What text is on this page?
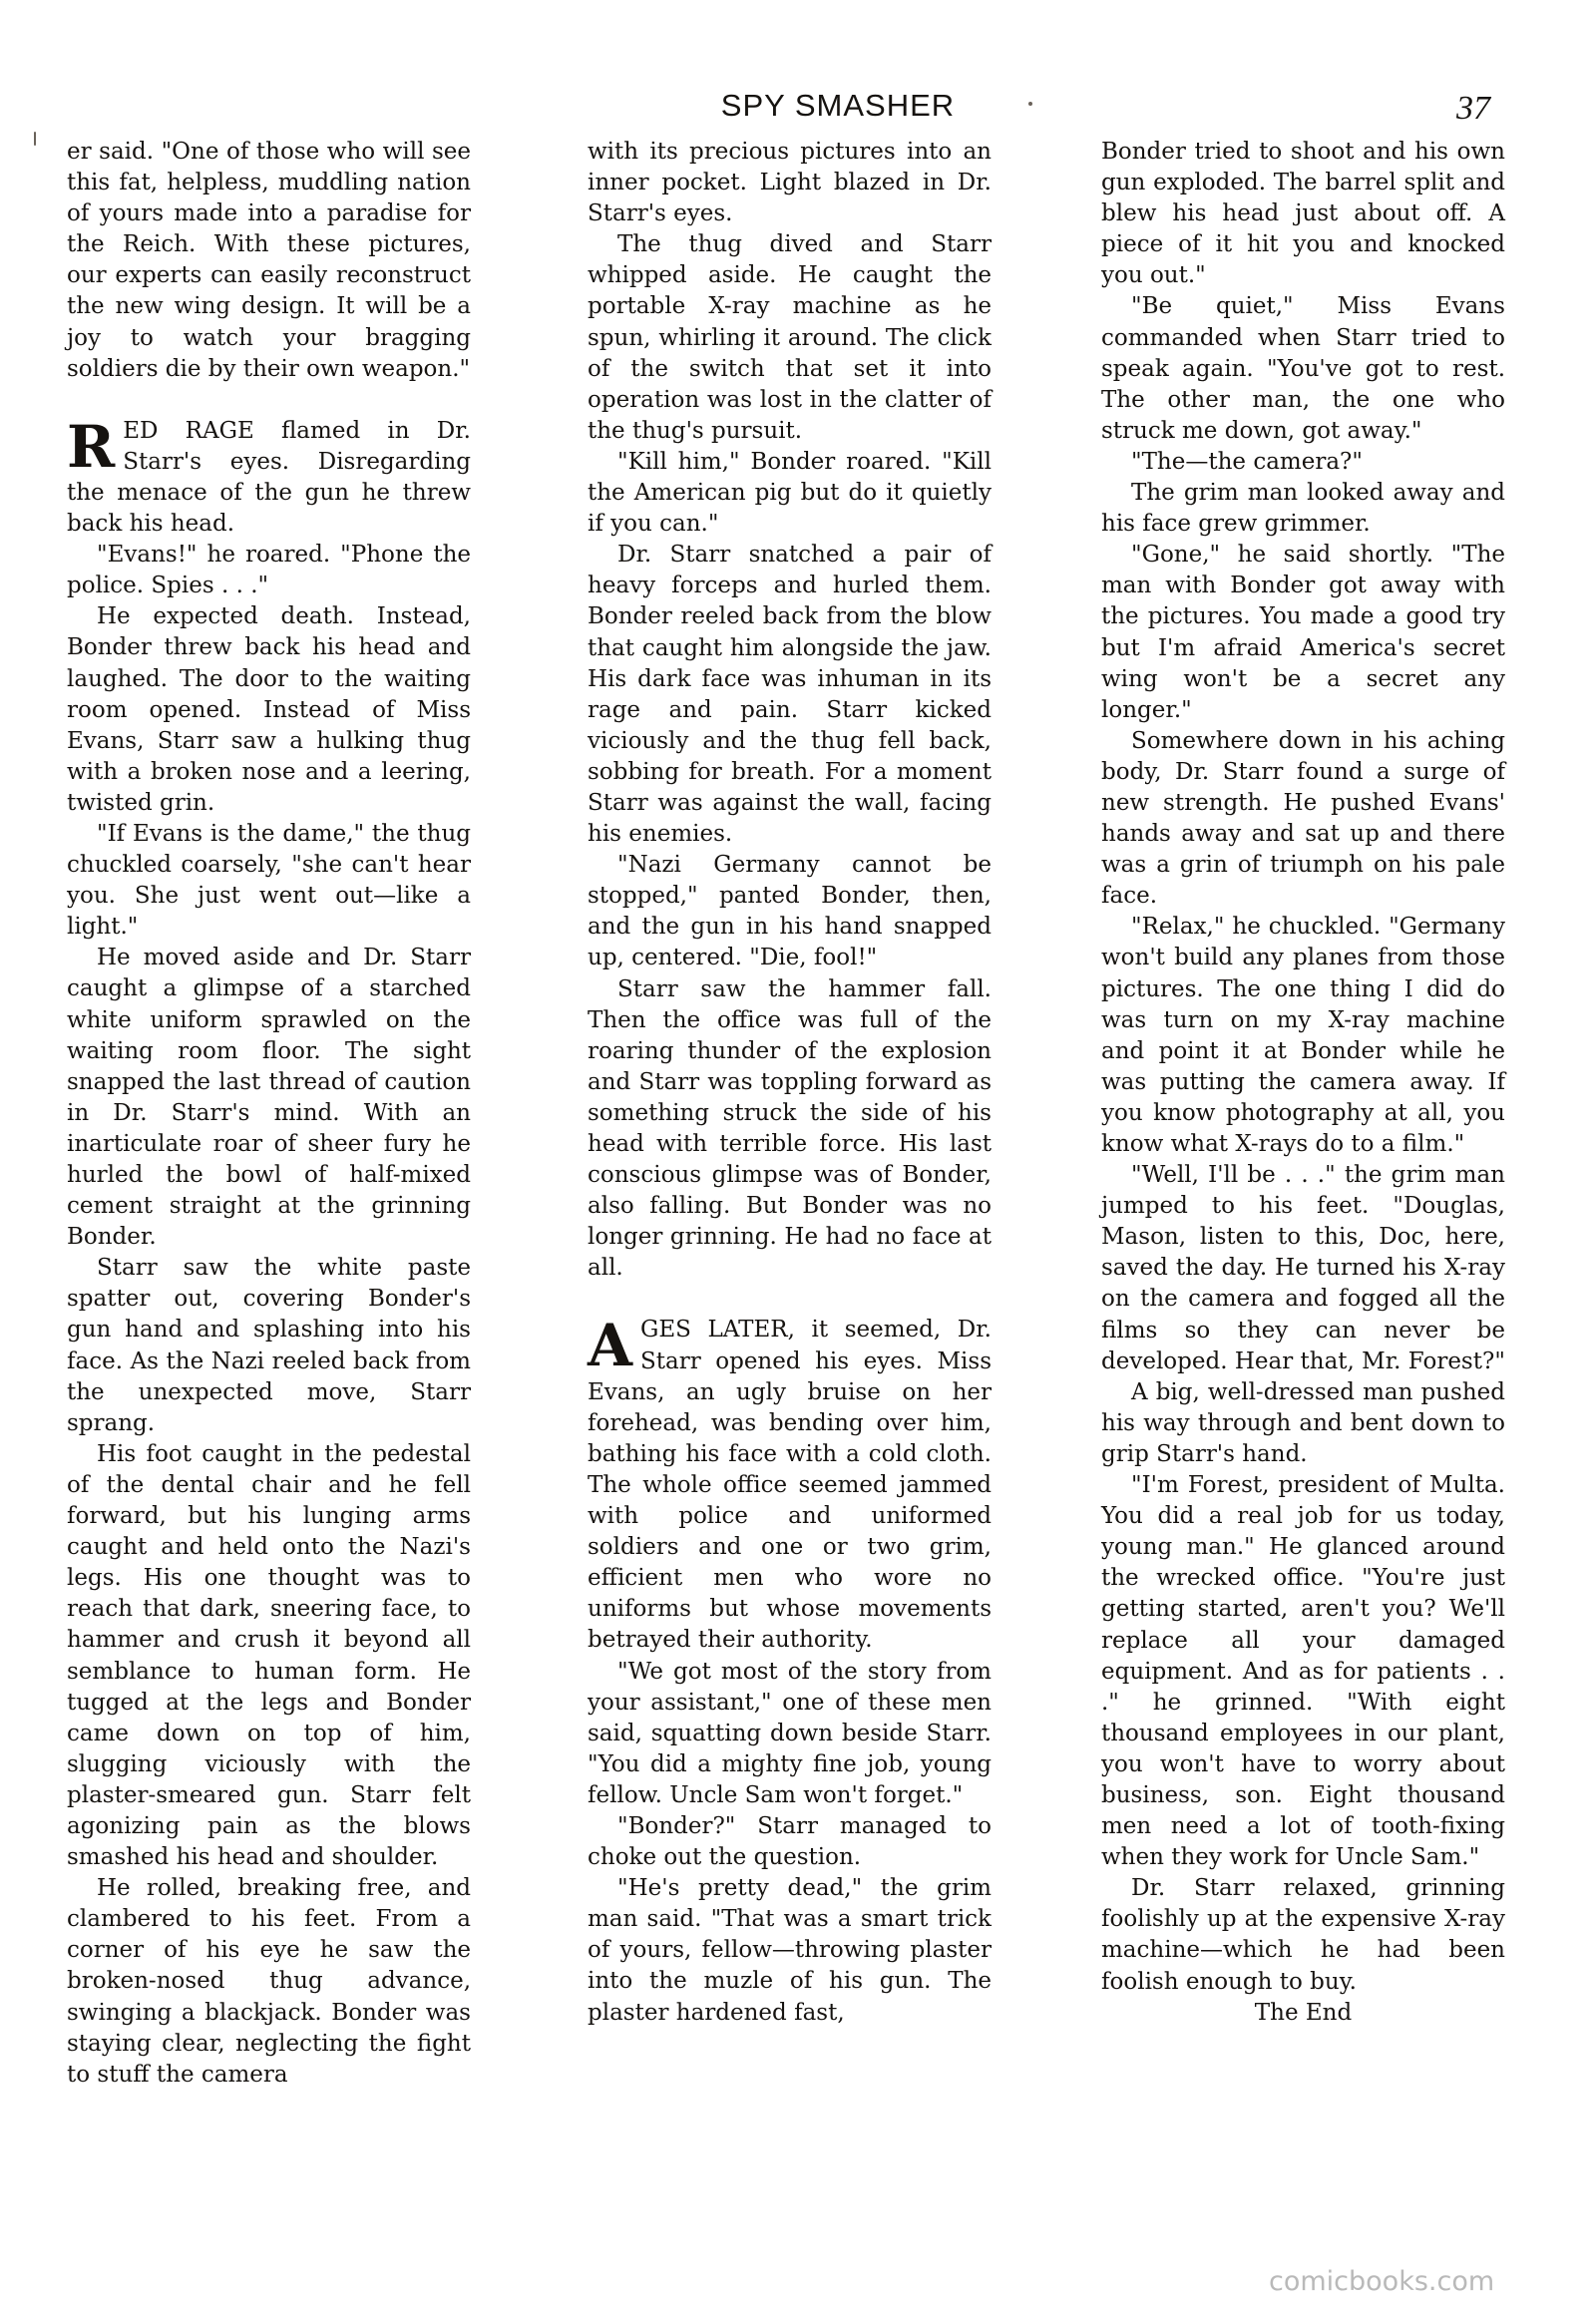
SPY SMASHER	37

er said. "One of those who will see this fat, helpless, muddling nation of yours made into a paradise for the Reich. With these pictures, our experts can easily reconstruct the new wing design. It will be a joy to watch your bragging soldiers die by their own weapon."

RED RAGE flamed in Dr. Starr's eyes. Disregarding the menace of the gun he threw back his head.

"Evans!" he roared. "Phone the police. Spies . . ."

He expected death. Instead, Bonder threw back his head and laughed. The door to the waiting room opened. Instead of Miss Evans, Starr saw a hulking thug with a broken nose and a leering, twisted grin.

"If Evans is the dame," the thug chuckled coarsely, "she can't hear you. She just went out—like a light."

He moved aside and Dr. Starr caught a glimpse of a starched white uniform sprawled on the waiting room floor. The sight snapped the last thread of caution in Dr. Starr's mind. With an inarticulate roar of sheer fury he hurled the bowl of half-mixed cement straight at the grinning Bonder.

Starr saw the white paste spatter out, covering Bonder's gun hand and splashing into his face. As the Nazi reeled back from the unexpected move, Starr sprang.

His foot caught in the pedestal of the dental chair and he fell forward, but his lunging arms caught and held onto the Nazi's legs. His one thought was to reach that dark, sneering face, to hammer and crush it beyond all semblance to human form. He tugged at the legs and Bonder came down on top of him, slugging viciously with the plaster-smeared gun. Starr felt agonizing pain as the blows smashed his head and shoulder.

He rolled, breaking free, and clambered to his feet. From a corner of his eye he saw the broken-nosed thug advance, swinging a blackjack. Bonder was staying clear, neglecting the fight to stuff the camera

with its precious pictures into an inner pocket. Light blazed in Dr. Starr's eyes.

The thug dived and Starr whipped aside. He caught the portable X-ray machine as he spun, whirling it around. The click of the switch that set it into operation was lost in the clatter of the thug's pursuit.

"Kill him," Bonder roared. "Kill the American pig but do it quietly if you can."

Dr. Starr snatched a pair of heavy forceps and hurled them. Bonder reeled back from the blow that caught him alongside the jaw. His dark face was inhuman in its rage and pain. Starr kicked viciously and the thug fell back, sobbing for breath. For a moment Starr was against the wall, facing his enemies.

"Nazi Germany cannot be stopped," panted Bonder, then, and the gun in his hand snapped up, centered. "Die, fool!"

Starr saw the hammer fall. Then the office was full of the roaring thunder of the explosion and Starr was toppling forward as something struck the side of his head with terrible force. His last conscious glimpse was of Bonder, also falling. But Bonder was no longer grinning. He had no face at all.

AGES LATER, it seemed, Dr. Starr opened his eyes. Miss Evans, an ugly bruise on her forehead, was bending over him, bathing his face with a cold cloth. The whole office seemed jammed with police and uniformed soldiers and one or two grim, efficient men who wore no uniforms but whose movements betrayed their authority.

"We got most of the story from your assistant," one of these men said, squatting down beside Starr. "You did a mighty fine job, young fellow. Uncle Sam won't forget."

"Bonder?" Starr managed to choke out the question.

"He's pretty dead," the grim man said. "That was a smart trick of yours, fellow—throwing plaster into the muzle of his gun. The plaster hardened fast,

Bonder tried to shoot and his own gun exploded. The barrel split and blew his head just about off. A piece of it hit you and knocked you out."

"Be quiet," Miss Evans commanded when Starr tried to speak again. "You've got to rest. The other man, the one who struck me down, got away."

"The—the camera?"

The grim man looked away and his face grew grimmer.

"Gone," he said shortly. "The man with Bonder got away with the pictures. You made a good try but I'm afraid America's secret wing won't be a secret any longer."

Somewhere down in his aching body, Dr. Starr found a surge of new strength. He pushed Evans' hands away and sat up and there was a grin of triumph on his pale face.

"Relax," he chuckled. "Germany won't build any planes from those pictures. The one thing I did do was turn on my X-ray machine and point it at Bonder while he was putting the camera away. If you know photography at all, you know what X-rays do to a film."

"Well, I'll be . . ." the grim man jumped to his feet. "Douglas, Mason, listen to this, Doc, here, saved the day. He turned his X-ray on the camera and fogged all the films so they can never be developed. Hear that, Mr. Forest?"

A big, well-dressed man pushed his way through and bent down to grip Starr's hand.

"I'm Forest, president of Multa. You did a real job for us today, young man." He glanced around the wrecked office. "You're just getting started, aren't you? We'll replace all your damaged equipment. And as for patients . . ." he grinned. "With eight thousand employees in our plant, you won't have to worry about business, son. Eight thousand men need a lot of tooth-fixing when they work for Uncle Sam."

Dr. Starr relaxed, grinning foolishly up at the expensive X-ray machine—which he had been foolish enough to buy.

The End

comicbooks.com
